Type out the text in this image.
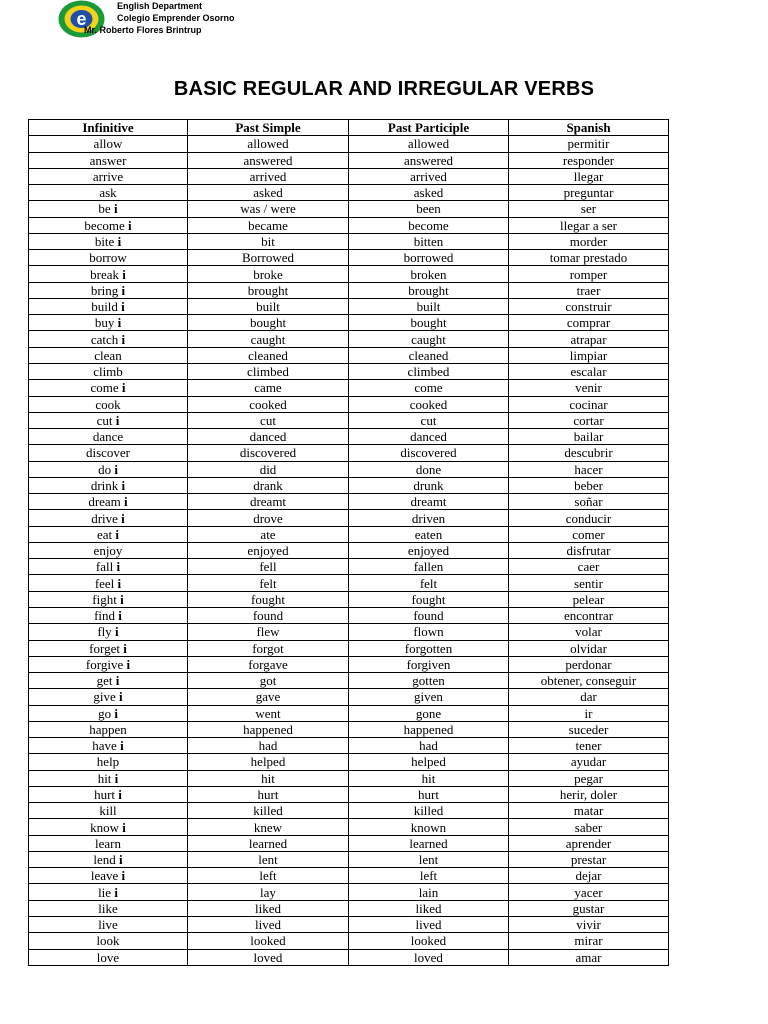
e
English Department
Colegio Emprender Osorno
Mr. Roberto Flores Brintrup
BASIC REGULAR AND IRREGULAR VERBS
Infinitive	Past Simple	Past Participle	Spanish
allow	allowed	allowed	permitir
answer	answered	answered	responder
arrive	arrived	arrived	llegar
ask	asked	asked	preguntar
be i	was / were	been	ser
become i	became	become	llegar a ser
bite i	bit	bitten	morder
borrow	Borrowed	borrowed	tomar prestado
break i	broke	broken	romper
bring i	brought	brought	traer
build i	built	built	construir
buy i	bought	bought	comprar
catch i	caught	caught	atrapar
clean	cleaned	cleaned	limpiar
climb	climbed	climbed	escalar
come i	came	come	venir
cook	cooked	cooked	cocinar
cut i	cut	cut	cortar
dance	danced	danced	bailar
discover	discovered	discovered	descubrir
do i	did	done	hacer
drink i	drank	drunk	beber
dream i	dreamt	dreamt	soñar
drive i	drove	driven	conducir
eat i	ate	eaten	comer
enjoy	enjoyed	enjoyed	disfrutar
fall i	fell	fallen	caer
feel i	felt	felt	sentir
fight i	fought	fought	pelear
find i	found	found	encontrar
fly i	flew	flown	volar
forget i	forgot	forgotten	olvidar
forgive i	forgave	forgiven	perdonar
get i	got	gotten	obtener, conseguir
give i	gave	given	dar
go i	went	gone	ir
happen	happened	happened	suceder
have i	had	had	tener
help	helped	helped	ayudar
hit i	hit	hit	pegar
hurt i	hurt	hurt	herir, doler
kill	killed	killed	matar
know i	knew	known	saber
learn	learned	learned	aprender
lend i	lent	lent	prestar
leave i	left	left	dejar
lie i	lay	lain	yacer
like	liked	liked	gustar
live	lived	lived	vivir
look	looked	looked	mirar
love	loved	loved	amar
